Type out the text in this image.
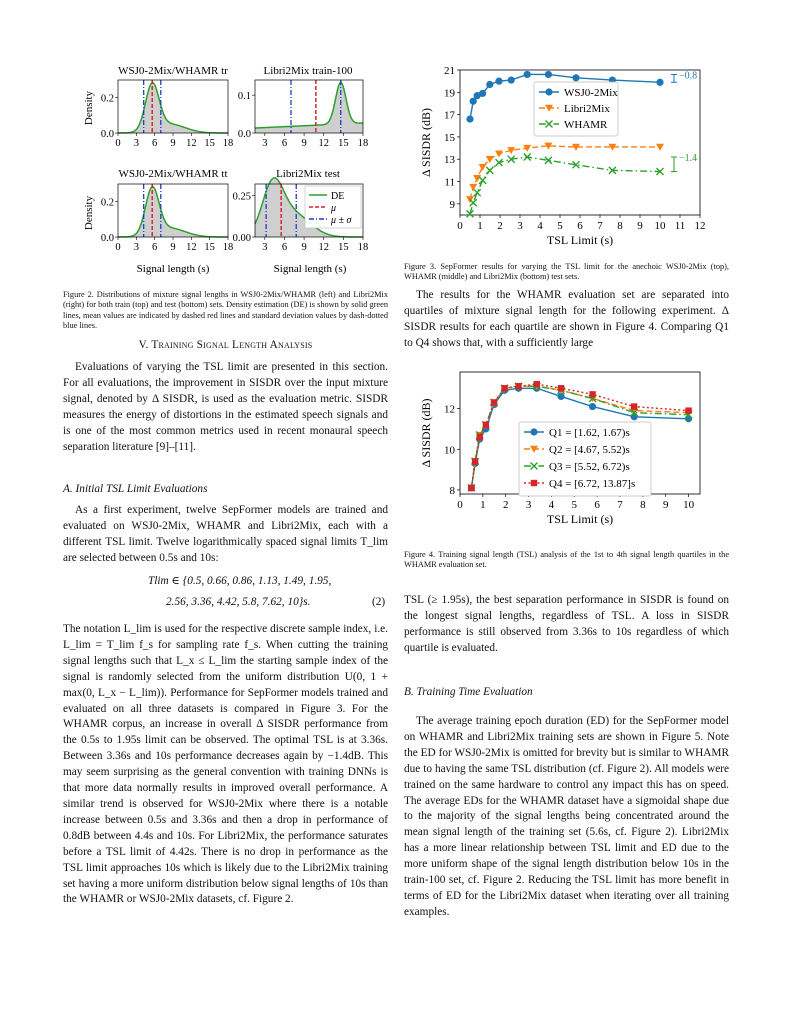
WSJ0-2Mix/WHAMR tr	Libri2Mix train-100
WSJ0-2Mix/WHAMR tt	Libri2Mix test
Density
Density
Signal length (s)	Signal length (s)
0.2
0.0
0 3 6 9 12 15 18
0.1
0.0
3 6 9 12 15 18
0.2
0.0
0 3 6 9 12 15 18
0.25
0.00
3 6 9 12 15 18
DE
μ
μ ± σ
Figure 2. Distributions of mixture signal lengths in WSJ0-2Mix/WHAMR (left) and Libri2Mix (right) for both train (top) and test (bottom) sets. Density estimation (DE) is shown by solid green lines, mean values are indicated by dashed red lines and standard deviation values by dash-dotted blue lines.
V. Training Signal Length Analysis

Evaluations of varying the TSL limit are presented in this section. For all evaluations, the improvement in SISDR over the input mixture signal, denoted by Δ SISDR, is used as the evaluation metric. SISDR measures the energy of distortions in the estimated speech signals and is one of the most common metrics used in recent monaural speech separation literature [9]–[11].

A. Initial TSL Limit Evaluations

As a first experiment, twelve SepFormer models are trained and evaluated on WSJ0-2Mix, WHAMR and Libri2Mix, each with a different TSL limit. Twelve logarithmically spaced signal limits T_lim are selected between 0.5s and 10s:

Tlim ∈ {0.5, 0.66, 0.86, 1.13, 1.49, 1.95,
2.56, 3.36, 4.42, 5.8, 7.62, 10}s.	(2)

The notation L_lim is used for the respective discrete sample index, i.e. L_lim = T_lim f_s for sampling rate f_s. When cutting the training signal lengths such that L_x ≤ L_lim the starting sample index of the signal is randomly selected from the uniform distribution U(0, 1 + max(0, L_x − L_lim)). Performance for SepFormer models trained and evaluated on all three datasets is compared in Figure 3. For the WHAMR corpus, an increase in overall Δ SISDR performance from the 0.5s to 1.95s limit can be observed. The optimal TSL is at 3.36s. Between 3.36s and 10s performance decreases again by −1.4dB. This may seem surprising as the general convention with training DNNs is that more data normally results in improved overall performance. A similar trend is observed for WSJ0-2Mix where there is a notable increase between 0.5s and 3.36s and then a drop in performance of 0.8dB between 4.4s and 10s. For Libri2Mix, the performance saturates before a TSL limit of 4.42s. There is no drop in performance as the TSL limit approaches 10s which is likely due to the Libri2Mix training set having a more uniform distribution below signal lengths of 10s than the WHAMR or WSJ0-2Mix datasets, cf. Figure 2.

0 1 2 3 4 5 6 7 8 9 10 11 12
9
11
13
15
17
19
21
TSL Limit (s)
Δ SISDR (dB)
WSJ0-2Mix
Libri2Mix
WHAMR
−0.8
−1.4
Figure 3. SepFormer results for varying the TSL limit for the anechoic WSJ0-2Mix (top), WHAMR (middle) and Libri2Mix (bottom) test sets.

The results for the WHAMR evaluation set are separated into quartiles of mixture signal length for the following experiment. Δ SISDR results for each quartile are shown in Figure 4. Comparing Q1 to Q4 shows that, with a sufficiently large

0 1 2 3 4 5 6 7 8 9 10
8
10
12
TSL Limit (s)
Δ SISDR (dB)	Q1 = [1.62, 1.67)s
Q2 = [4.67, 5.52)s
Q3 = [5.52, 6.72)s
Q4 = [6.72, 13.87]s
Figure 4. Training signal length (TSL) analysis of the 1st to 4th signal length quartiles in the WHAMR evaluation set.

TSL (≥ 1.95s), the best separation performance in SISDR is found on the longest signal lengths, regardless of TSL. A loss in SISDR performance is still observed from 3.36s to 10s regardless of which quartile is evaluated.

B. Training Time Evaluation

The average training epoch duration (ED) for the SepFormer model on WHAMR and Libri2Mix training sets are shown in Figure 5. Note the ED for WSJ0-2Mix is omitted for brevity but is similar to WHAMR due to having the same TSL distribution (cf. Figure 2). All models were trained on the same hardware to control any impact this has on speed. The average EDs for the WHAMR dataset have a sigmoidal shape due to the majority of the signal lengths being concentrated around the mean signal length of the training set (5.6s, cf. Figure 2). Libri2Mix has a more linear relationship between TSL limit and ED due to the more uniform shape of the signal length distribution below 10s in the train-100 set, cf. Figure 2. Reducing the TSL limit has more benefit in terms of ED for the Libri2Mix dataset when iterating over all training examples.
